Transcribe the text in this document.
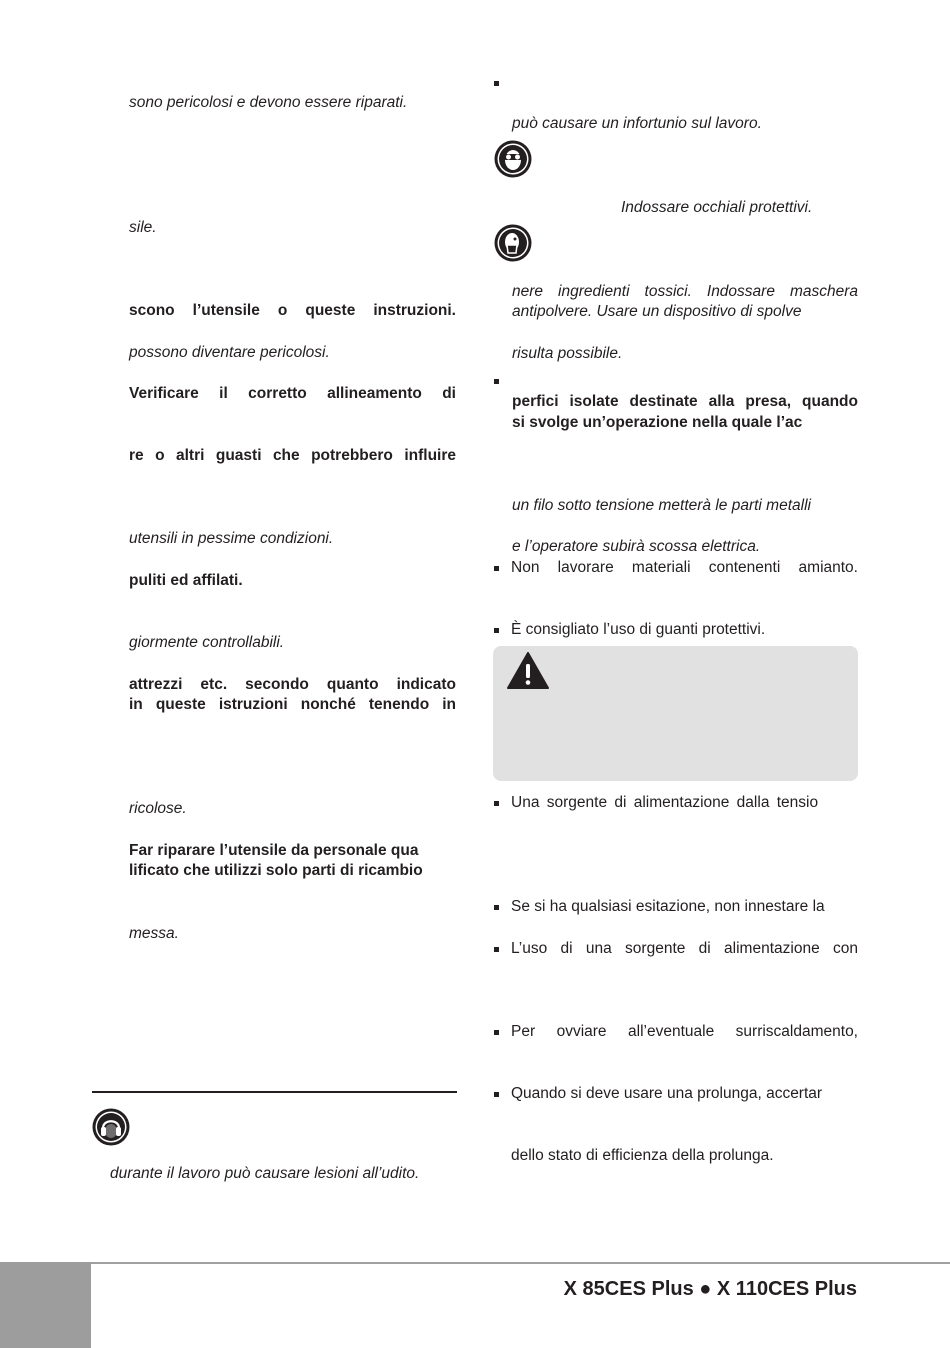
sono pericolosi e devono essere riparati.
sile.
scono l’utensile o queste instruzioni.
possono diventare pericolosi.
Verificare il corretto allineamento di
re o altri guasti che potrebbero influire
utensili in pessime condizioni.
puliti ed affilati.
giormente controllabili.
attrezzi etc. secondo quanto indicato
in queste istruzioni nonché tenendo in
ricolose.
Far riparare l’utensile da personale qua
lificato che utilizzi solo parti di ricambio
messa.
durante il lavoro può causare lesioni all’udito.
può causare un infortunio sul lavoro.
Indossare occhiali protettivi.
nere ingredienti tossici. Indossare maschera
antipolvere. Usare un dispositivo di spolve
risulta possibile.
perfici isolate destinate alla presa, quando
si svolge un’operazione nella quale l’ac
un filo sotto tensione metterà le parti metalli
e l’operatore subirà scossa elettrica.
Non lavorare materiali contenenti amianto.
È consigliato l’uso di guanti protettivi.
Una sorgente di alimentazione dalla tensio
Se si ha qualsiasi esitazione, non innestare la
L’uso di una sorgente di alimentazione con
Per ovviare all’eventuale surriscaldamento,
Quando si deve usare una prolunga, accertar
dello stato di efficienza della prolunga.
X 85CES Plus ● X 110CES Plus
